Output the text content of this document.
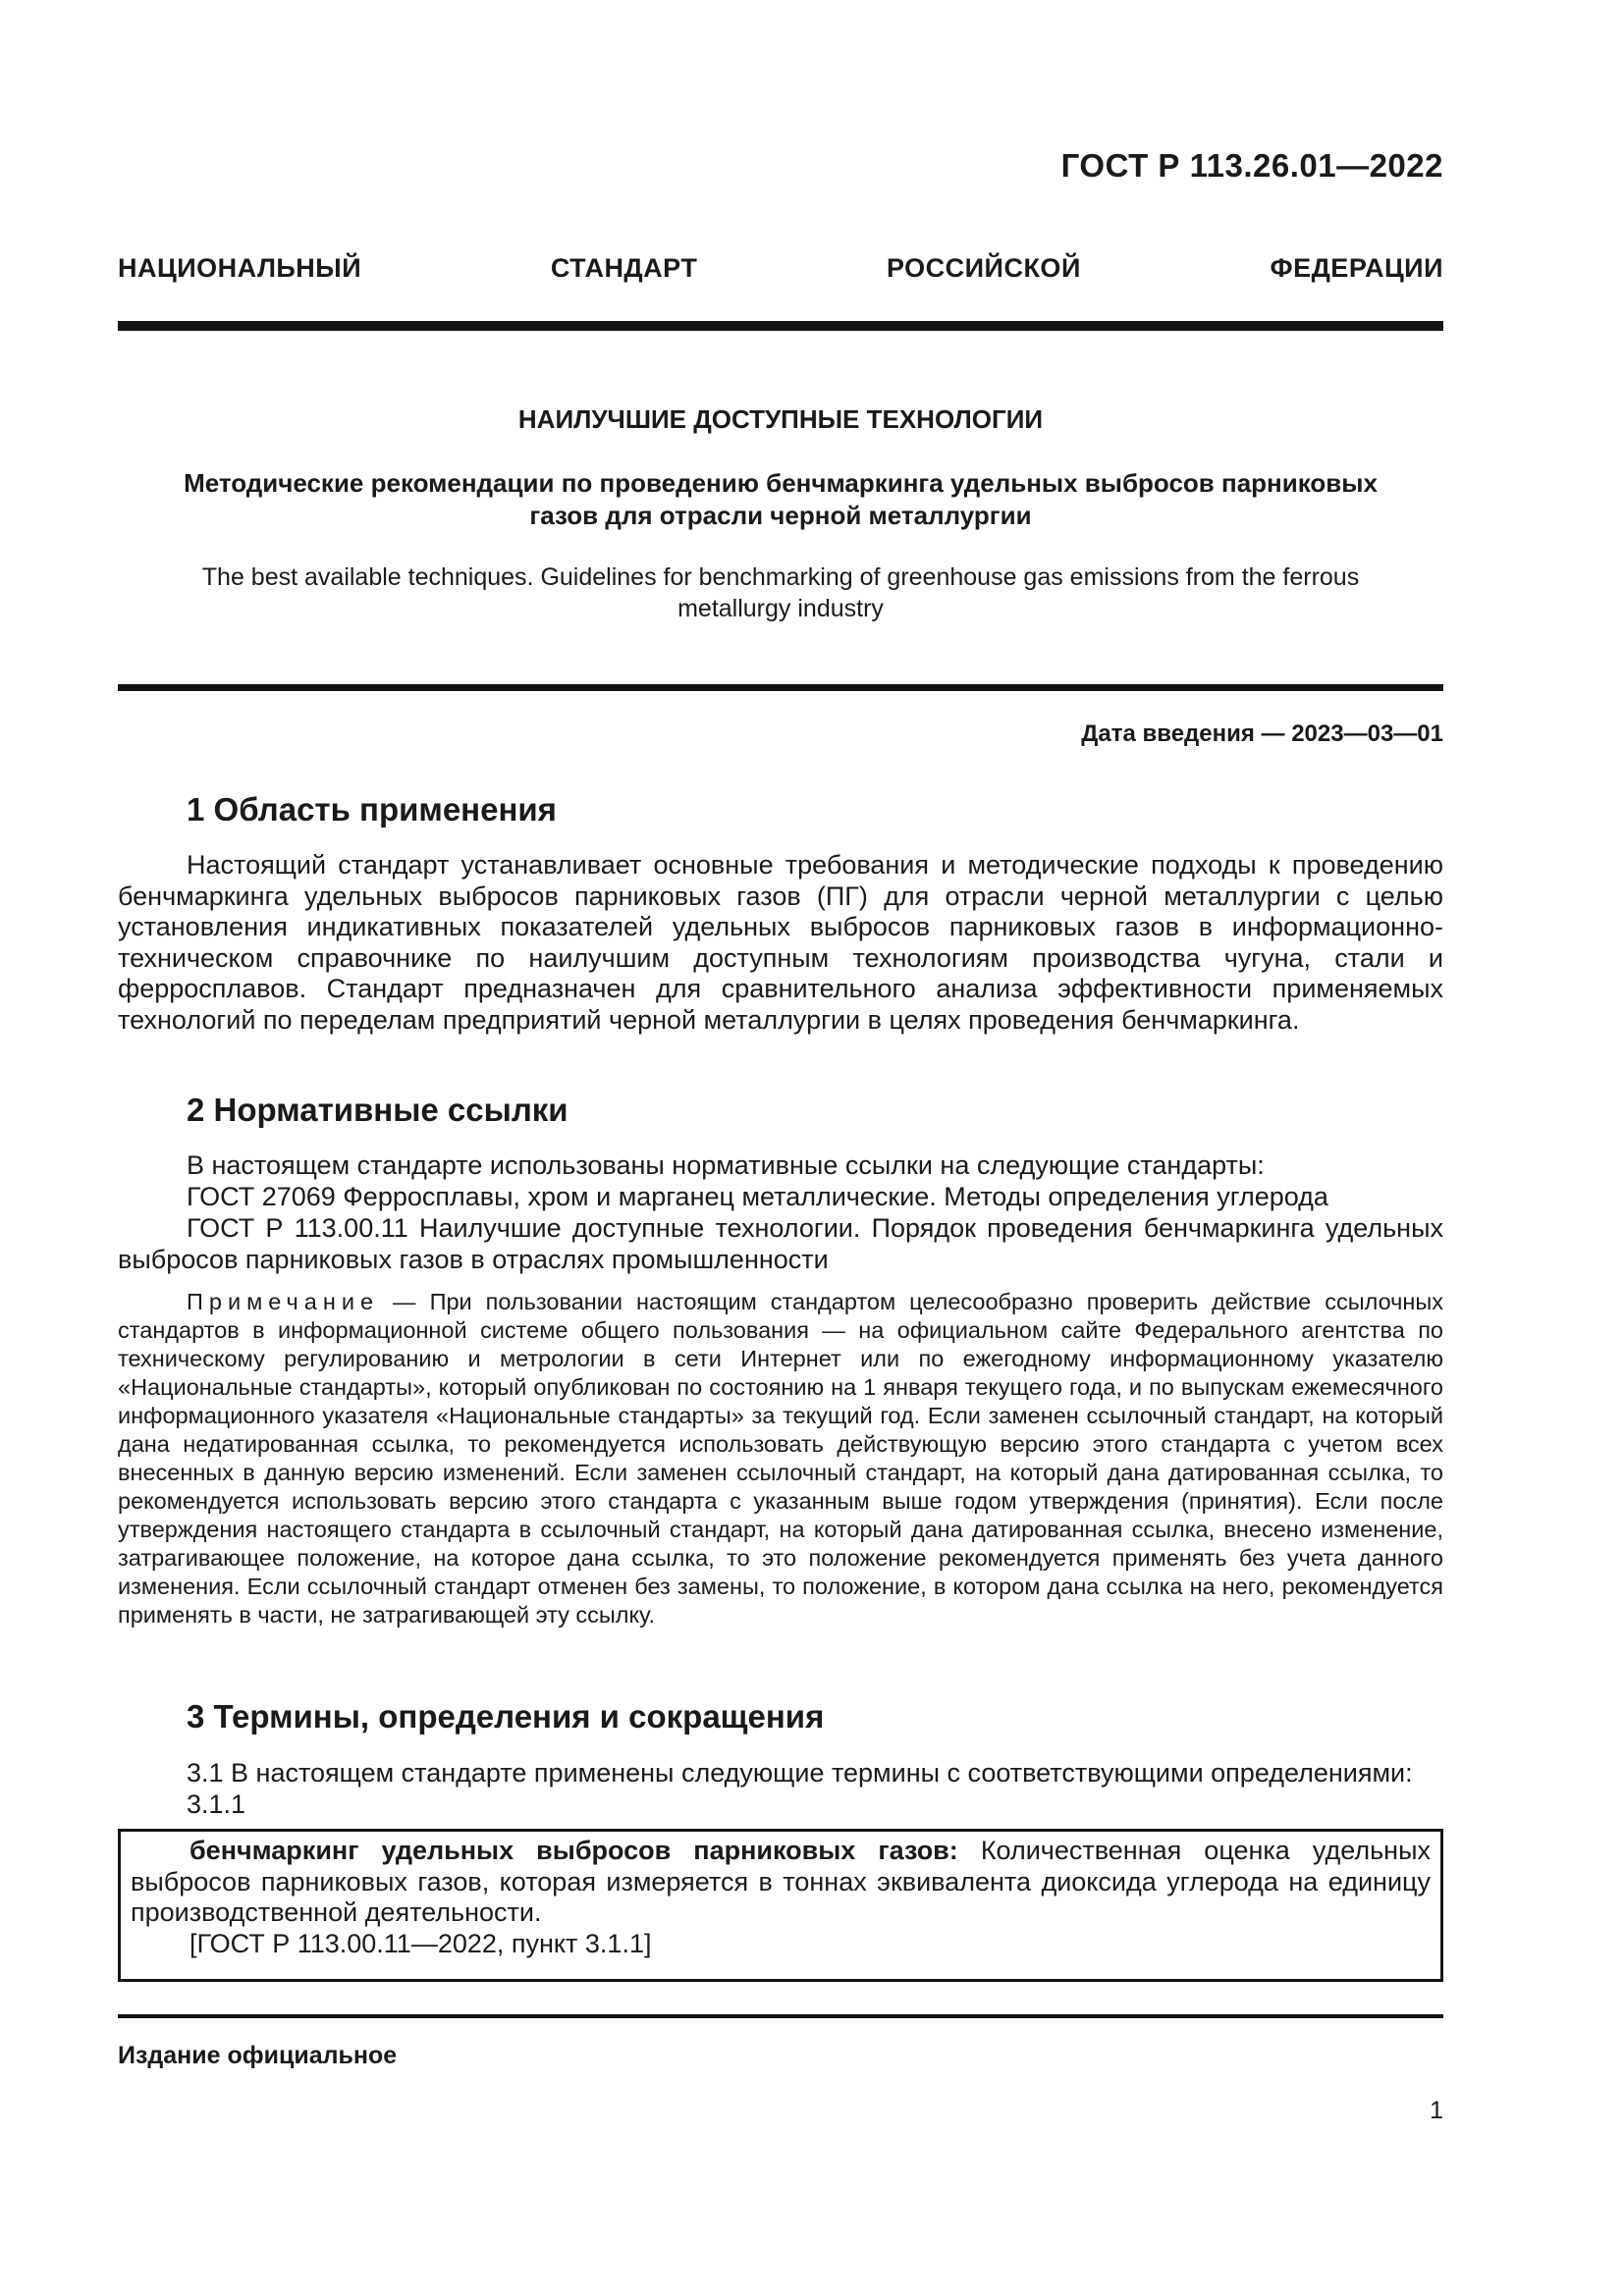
ГОСТ Р 113.26.01—2022
НАЦИОНАЛЬНЫЙ СТАНДАРТ РОССИЙСКОЙ ФЕДЕРАЦИИ
НАИЛУЧШИЕ ДОСТУПНЫЕ ТЕХНОЛОГИИ
Методические рекомендации по проведению бенчмаркинга удельных выбросов парниковых газов для отрасли черной металлургии
The best available techniques. Guidelines for benchmarking of greenhouse gas emissions from the ferrous metallurgy industry
Дата введения — 2023—03—01
1 Область применения

Настоящий стандарт устанавливает основные требования и методические подходы к проведению бенчмаркинга удельных выбросов парниковых газов (ПГ) для отрасли черной металлургии с целью установления индикативных показателей удельных выбросов парниковых газов в информационно-техническом справочнике по наилучшим доступным технологиям производства чугуна, стали и ферросплавов. Стандарт предназначен для сравнительного анализа эффективности применяемых технологий по переделам предприятий черной металлургии в целях проведения бенчмаркинга.

2 Нормативные ссылки

В настоящем стандарте использованы нормативные ссылки на следующие стандарты:

ГОСТ 27069 Ферросплавы, хром и марганец металлические. Методы определения углерода

ГОСТ Р 113.00.11 Наилучшие доступные технологии. Порядок проведения бенчмаркинга удельных выбросов парниковых газов в отраслях промышленности

Примечание — При пользовании настоящим стандартом целесообразно проверить действие ссылочных стандартов в информационной системе общего пользования — на официальном сайте Федерального агентства по техническому регулированию и метрологии в сети Интернет или по ежегодному информационному указателю «Национальные стандарты», который опубликован по состоянию на 1 января текущего года, и по выпускам ежемесячного информационного указателя «Национальные стандарты» за текущий год. Если заменен ссылочный стандарт, на который дана недатированная ссылка, то рекомендуется использовать действующую версию этого стандарта с учетом всех внесенных в данную версию изменений. Если заменен ссылочный стандарт, на который дана датированная ссылка, то рекомендуется использовать версию этого стандарта с указанным выше годом утверждения (принятия). Если после утверждения настоящего стандарта в ссылочный стандарт, на который дана датированная ссылка, внесено изменение, затрагивающее положение, на которое дана ссылка, то это положение рекомендуется применять без учета данного изменения. Если ссылочный стандарт отменен без замены, то положение, в котором дана ссылка на него, рекомендуется применять в части, не затрагивающей эту ссылку.

3 Термины, определения и сокращения

3.1 В настоящем стандарте применены следующие термины с соответствующими определениями:

3.1.1

бенчмаркинг удельных выбросов парниковых газов: Количественная оценка удельных выбросов парниковых газов, которая измеряется в тоннах эквивалента диоксида углерода на единицу производственной деятельности.

[ГОСТ Р 113.00.11—2022, пункт 3.1.1]

Издание официальное
1
